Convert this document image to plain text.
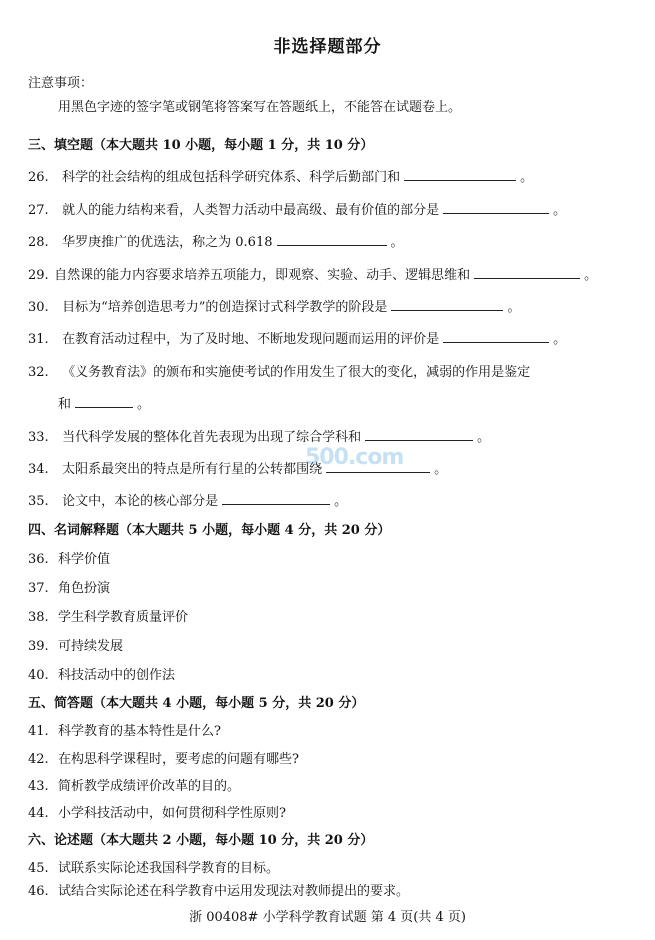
非选择题部分
注意事项：
用黑色字迹的签字笔或钢笔将答案写在答题纸上，不能答在试题卷上。
三、填空题（本大题共 10 小题，每小题 1 分，共 10 分）
26. 科学的社会结构的组成包括科学研究体系、科学后勤部门和	。
27. 就人的能力结构来看，人类智力活动中最高级、最有价值的部分是	。
28. 华罗庚推广的优选法，称之为 0.618	。
29. 自然课的能力内容要求培养五项能力，即观察、实验、动手、逻辑思维和	。
30. 目标为“培养创造思考力”的创造探讨式科学教学的阶段是	。
31. 在教育活动过程中，为了及时地、不断地发现问题而运用的评价是	。
32. 《义务教育法》的颁布和实施使考试的作用发生了很大的变化，减弱的作用是鉴定
和	。
33. 当代科学发展的整体化首先表现为出现了综合学科和	。
34. 太阳系最突出的特点是所有行星的公转都围绕	。
500.com
35. 论文中，本论的核心部分是	。
四、名词解释题（本大题共 5 小题，每小题 4 分，共 20 分）
36. 科学价值
37. 角色扮演
38. 学生科学教育质量评价
39. 可持续发展
40. 科技活动中的创作法
五、简答题（本大题共 4 小题，每小题 5 分，共 20 分）
41. 科学教育的基本特性是什么?
42. 在构思科学课程时，要考虑的问题有哪些?
43. 简析教学成绩评价改革的目的。
44. 小学科技活动中，如何贯彻科学性原则?
六、论述题（本大题共 2 小题，每小题 10 分，共 20 分）
45. 试联系实际论述我国科学教育的目标。
46. 试结合实际论述在科学教育中运用发现法对教师提出的要求。
浙 00408# 小学科学教育试题 第 4 页(共 4 页)
